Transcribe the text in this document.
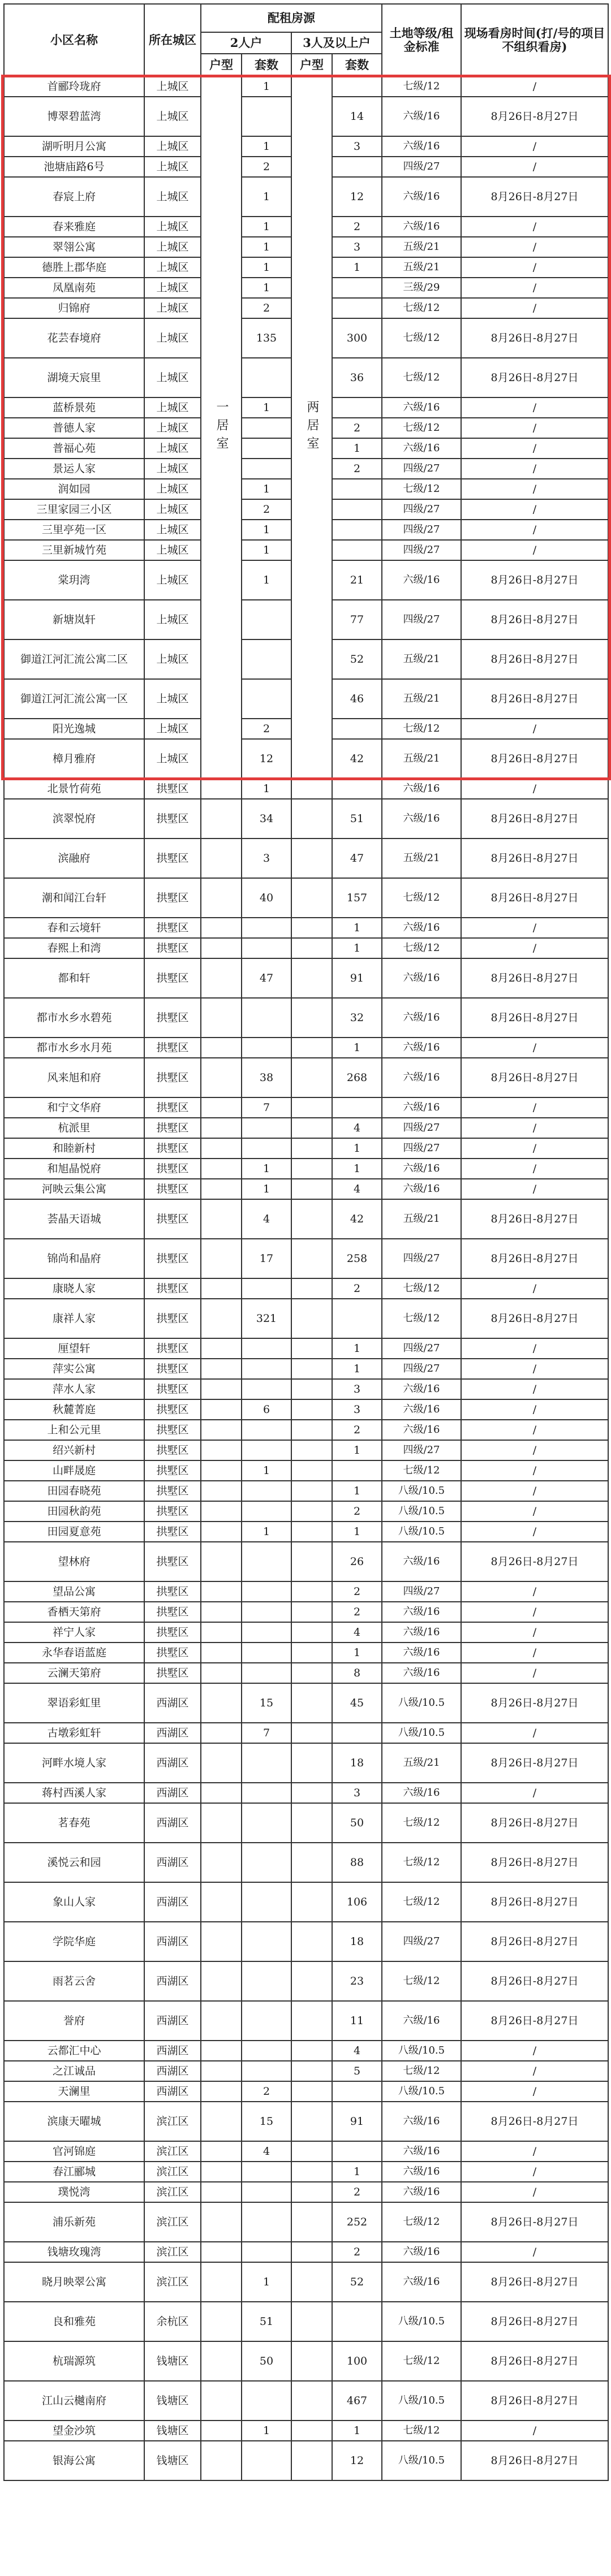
小区名称	所在城区	配租房源				土地等级/租金标准	现场看房时间(打/号的项目不组织看房)
		2人户		3人及以上户			
		户型	套数	户型	套数		
首郦玲珑府	上城区	一居室	1	两居室		七级/12	/
博翠碧蓝湾	上城区				14	六级/16	8月26日-8月27日
湖听明月公寓	上城区		1		3	六级/16	/
池塘庙路6号	上城区		2			四级/27	/
春宸上府	上城区		1		12	六级/16	8月26日-8月27日
春来雅庭	上城区		1		2	六级/16	/
翠翎公寓	上城区		1		3	五级/21	/
德胜上郡华庭	上城区		1		1	五级/21	/
凤凰南苑	上城区		1			三级/29	/
归锦府	上城区		2			七级/12	/
花芸春境府	上城区		135		300	七级/12	8月26日-8月27日
湖境天宸里	上城区				36	七级/12	8月26日-8月27日
蓝桥景苑	上城区		1			六级/16	/
普德人家	上城区				2	七级/12	/
普福心苑	上城区				1	六级/16	/
景运人家	上城区				2	四级/27	/
润如园	上城区		1			七级/12	/
三里家园三小区	上城区		2			四级/27	/
三里亭苑一区	上城区		1			四级/27	/
三里新城竹苑	上城区		1			四级/27	/
棠玥湾	上城区		1		21	六级/16	8月26日-8月27日
新塘岚轩	上城区				77	四级/27	8月26日-8月27日
御道江河汇流公寓二区	上城区				52	五级/21	8月26日-8月27日
御道江河汇流公寓一区	上城区				46	五级/21	8月26日-8月27日
阳光逸城	上城区		2			七级/12	/
樟月雅府	上城区		12		42	五级/21	8月26日-8月27日
北景竹荷苑	拱墅区		1			六级/16	/
滨翠悦府	拱墅区		34		51	六级/16	8月26日-8月27日
滨融府	拱墅区		3		47	五级/21	8月26日-8月27日
潮和闻江台轩	拱墅区		40		157	七级/12	8月26日-8月27日
春和云境轩	拱墅区				1	六级/16	/
春熙上和湾	拱墅区				1	七级/12	/
都和轩	拱墅区		47		91	六级/16	8月26日-8月27日
都市水乡水碧苑	拱墅区				32	六级/16	8月26日-8月27日
都市水乡水月苑	拱墅区				1	六级/16	/
风来旭和府	拱墅区		38		268	六级/16	8月26日-8月27日
和宁文华府	拱墅区		7			六级/16	/
杭派里	拱墅区				4	四级/27	/
和睦新村	拱墅区				1	四级/27	/
和旭晶悦府	拱墅区		1		1	六级/16	/
河映云集公寓	拱墅区		1		4	六级/16	/
荟晶天语城	拱墅区		4		42	五级/21	8月26日-8月27日
锦尚和晶府	拱墅区		17		258	四级/27	8月26日-8月27日
康晓人家	拱墅区				2	七级/12	/
康祥人家	拱墅区		321			七级/12	8月26日-8月27日
厘望轩	拱墅区				1	四级/27	/
萍实公寓	拱墅区				1	四级/27	/
萍水人家	拱墅区				3	六级/16	/
秋麓菁庭	拱墅区		6		3	六级/16	/
上和公元里	拱墅区				2	六级/16	/
绍兴新村	拱墅区				1	四级/27	/
山畔晟庭	拱墅区		1			七级/12	/
田园春晓苑	拱墅区				1	八级/10.5	/
田园秋韵苑	拱墅区				2	八级/10.5	/
田园夏意苑	拱墅区		1		1	八级/10.5	/
望林府	拱墅区				26	六级/16	8月26日-8月27日
望品公寓	拱墅区				2	四级/27	/
香栖天第府	拱墅区				2	六级/16	/
祥宁人家	拱墅区				4	六级/16	/
永华春语蓝庭	拱墅区				1	六级/16	/
云澜天第府	拱墅区				8	六级/16	/
翠语彩虹里	西湖区		15		45	八级/10.5	8月26日-8月27日
古墩彩虹轩	西湖区		7			八级/10.5	/
河畔水境人家	西湖区				18	五级/21	8月26日-8月27日
蒋村西溪人家	西湖区				3	六级/16	/
茗春苑	西湖区				50	七级/12	8月26日-8月27日
溪悦云和园	西湖区				88	七级/12	8月26日-8月27日
象山人家	西湖区				106	七级/12	8月26日-8月27日
学院华庭	西湖区				18	四级/27	8月26日-8月27日
雨茗云舍	西湖区				23	七级/12	8月26日-8月27日
誉府	西湖区				11	六级/16	8月26日-8月27日
云都汇中心	西湖区				4	八级/10.5	/
之江诚品	西湖区				5	七级/12	/
天澜里	西湖区		2			八级/10.5	/
滨康天曜城	滨江区		15		91	六级/16	8月26日-8月27日
官河锦庭	滨江区		4			六级/16	/
春江郦城	滨江区				1	六级/16	/
璞悦湾	滨江区				2	六级/16	/
浦乐新苑	滨江区				252	七级/12	8月26日-8月27日
钱塘玫瑰湾	滨江区				2	六级/16	/
晓月映翠公寓	滨江区		1		52	六级/16	8月26日-8月27日
良和雅苑	余杭区		51			八级/10.5	8月26日-8月27日
杭瑞源筑	钱塘区		50		100	七级/12	8月26日-8月27日
江山云樾南府	钱塘区				467	八级/10.5	8月26日-8月27日
望金沙筑	钱塘区		1		1	七级/12	/
银海公寓	钱塘区				12	八级/10.5	8月26日-8月27日
